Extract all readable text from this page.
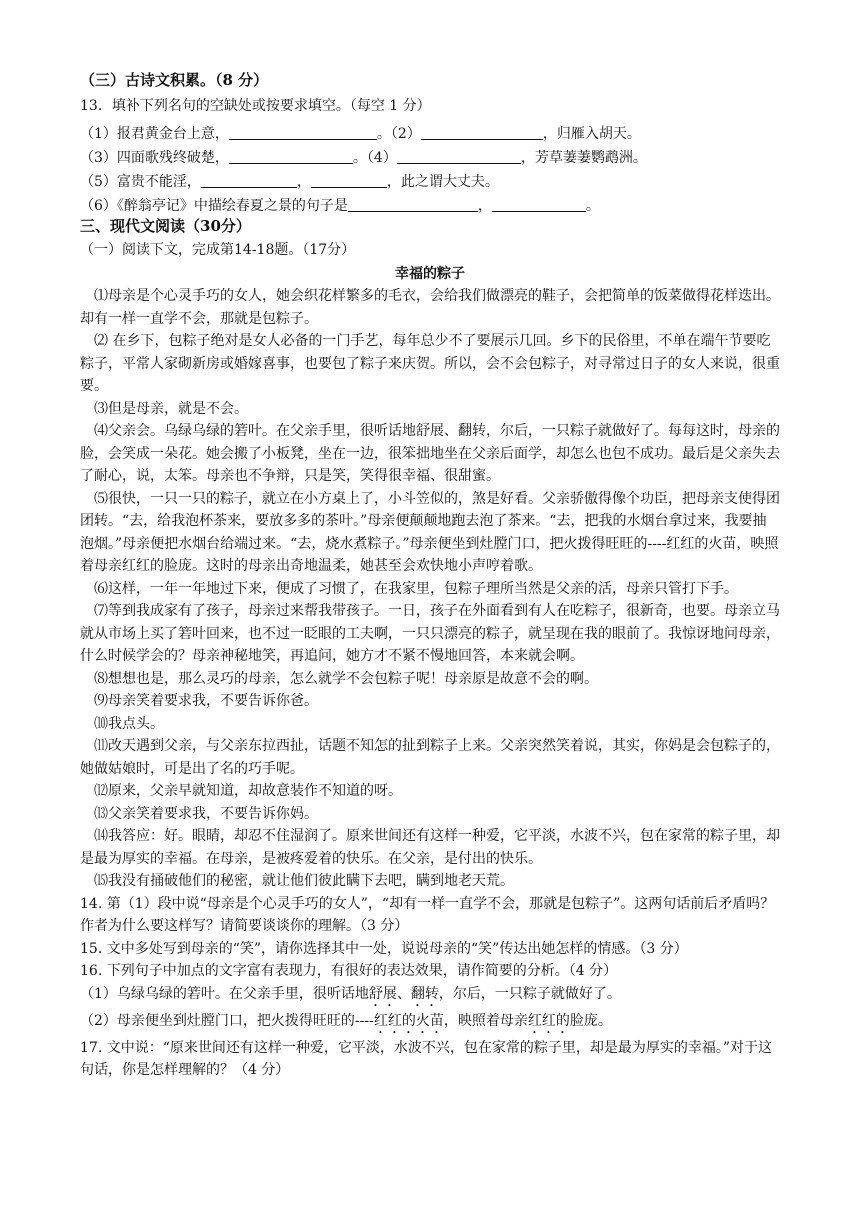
（三）古诗文积累。（8 分）
13．填补下列名句的空缺处或按要求填空。（每空 1 分）
（1）报君黄金台上意，	。（2）	，归雁入胡天。
（3）四面歌残终破楚，	。（4）	，芳草萋萋鹦鹉洲。
（5）富贵不能淫，	，	，此之谓大丈夫。
（6）《醉翁亭记》中描绘春夏之景的句子是	，	。
三、现代文阅读（30分）
（一）阅读下文，完成第14-18题。（17分）
幸福的粽子
⑴母亲是个心灵手巧的女人，她会织花样繁多的毛衣，会给我们做漂亮的鞋子，会把简单的饭菜做得花样迭出。却有一样一直学不会，那就是包粽子。
⑵ 在乡下，包粽子绝对是女人必备的一门手艺，每年总少不了要展示几回。乡下的民俗里，不单在端午节要吃粽子，平常人家砌新房或婚嫁喜事，也要包了粽子来庆贺。所以，会不会包粽子，对寻常过日子的女人来说，很重要。
⑶但是母亲，就是不会。
⑷父亲会。乌绿乌绿的箬叶。在父亲手里，很听话地舒展、翻转，尔后，一只粽子就做好了。每每这时，母亲的脸，会笑成一朵花。她会搬了小板凳，坐在一边，很笨拙地坐在父亲后面学，却怎么也包不成功。最后是父亲失去了耐心，说，太笨。母亲也不争辩，只是笑，笑得很幸福、很甜蜜。
⑸很快，一只一只的粽子，就立在小方桌上了，小斗笠似的，煞是好看。父亲骄傲得像个功臣，把母亲支使得团团转。“去，给我泡杯茶来，要放多多的茶叶。”母亲便颠颠地跑去泡了茶来。“去，把我的水烟台拿过来，我要抽泡烟。”母亲便把水烟台给端过来。“去，烧水煮粽子。”母亲便坐到灶膛门口，把火拨得旺旺的----红红的火苗，映照着母亲红红的脸庞。这时的母亲出奇地温柔，她甚至会欢快地小声哼着歌。
⑹这样，一年一年地过下来，便成了习惯了，在我家里，包粽子理所当然是父亲的活，母亲只管打下手。
⑺等到我成家有了孩子，母亲过来帮我带孩子。一日，孩子在外面看到有人在吃粽子，很新奇，也要。母亲立马就从市场上买了箬叶回来，也不过一眨眼的工夫啊，一只只漂亮的粽子，就呈现在我的眼前了。我惊讶地问母亲，什么时候学会的？母亲神秘地笑，再追问，她方才不紧不慢地回答，本来就会啊。
⑻想想也是，那么灵巧的母亲，怎么就学不会包粽子呢！母亲原是故意不会的啊。
⑼母亲笑着要求我，不要告诉你爸。
⑽我点头。
⑾改天遇到父亲，与父亲东拉西扯，话题不知怎的扯到粽子上来。父亲突然笑着说，其实，你妈是会包粽子的，她做姑娘时，可是出了名的巧手呢。
⑿原来，父亲早就知道，却故意装作不知道的呀。
⒀父亲笑着要求我，不要告诉你妈。
⒁我答应：好。眼睛，却忍不住湿润了。原来世间还有这样一种爱，它平淡，水波不兴，包在家常的粽子里，却是最为厚实的幸福。在母亲，是被疼爱着的快乐。在父亲，是付出的快乐。
⒂我没有捅破他们的秘密，就让他们彼此瞒下去吧，瞒到地老天荒。
14. 第（1）段中说“母亲是个心灵手巧的女人”，“却有一样一直学不会，那就是包粽子”。这两句话前后矛盾吗？作者为什么要这样写？请简要谈谈你的理解。（3 分）
15. 文中多处写到母亲的“笑”，请你选择其中一处，说说母亲的“笑”传达出她怎样的情感。（3 分）
16. 下列句子中加点的文字富有表现力，有很好的表达效果，请作简要的分析。（4 分）
（1）乌绿乌绿的箬叶。在父亲手里，很听话地舒展、翻转，尔后，一只粽子就做好了。
（2）母亲便坐到灶膛门口，把火拨得旺旺的----红红的火苗，映照着母亲红红的脸庞。
17. 文中说：“原来世间还有这样一种爱，它平淡，水波不兴，包在家常的粽子里，却是最为厚实的幸福。”对于这句话，你是怎样理解的？（4 分）
